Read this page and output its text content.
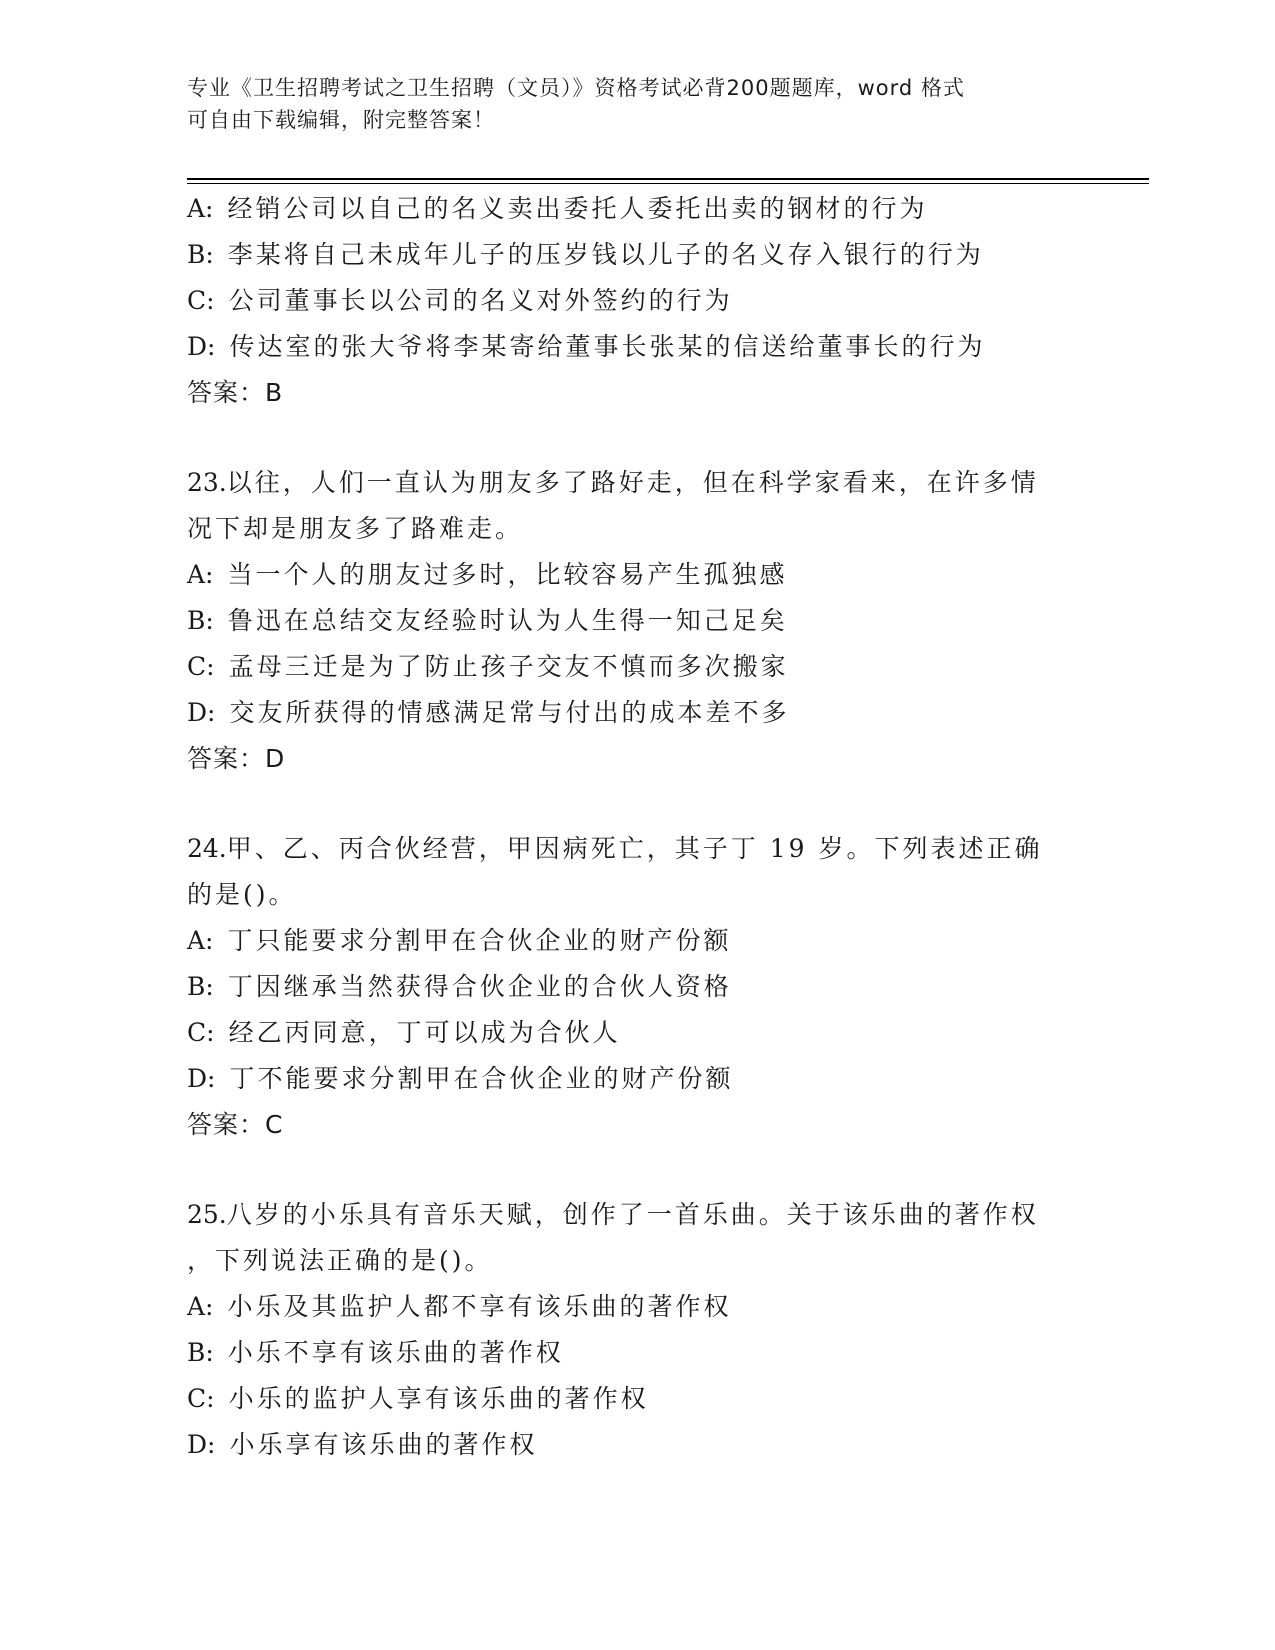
专业《卫生招聘考试之卫生招聘（文员）》资格考试必背200题题库，word 格式
可自由下载编辑，附完整答案！
A: 经销公司以自己的名义卖出委托人委托出卖的钢材的行为
B: 李某将自己未成年儿子的压岁钱以儿子的名义存入银行的行为
C: 公司董事长以公司的名义对外签约的行为
D: 传达室的张大爷将李某寄给董事长张某的信送给董事长的行为
答案：B
23.以往，人们一直认为朋友多了路好走，但在科学家看来，在许多情
况下却是朋友多了路难走。
A: 当一个人的朋友过多时，比较容易产生孤独感
B: 鲁迅在总结交友经验时认为人生得一知己足矣
C: 孟母三迁是为了防止孩子交友不慎而多次搬家
D: 交友所获得的情感满足常与付出的成本差不多
答案：D
24.甲、乙、丙合伙经营，甲因病死亡，其子丁 19 岁。下列表述正确
的是()。
A: 丁只能要求分割甲在合伙企业的财产份额
B: 丁因继承当然获得合伙企业的合伙人资格
C: 经乙丙同意，丁可以成为合伙人
D: 丁不能要求分割甲在合伙企业的财产份额
答案：C
25.八岁的小乐具有音乐天赋，创作了一首乐曲。关于该乐曲的著作权
，下列说法正确的是()。
A: 小乐及其监护人都不享有该乐曲的著作权
B: 小乐不享有该乐曲的著作权
C: 小乐的监护人享有该乐曲的著作权
D: 小乐享有该乐曲的著作权
